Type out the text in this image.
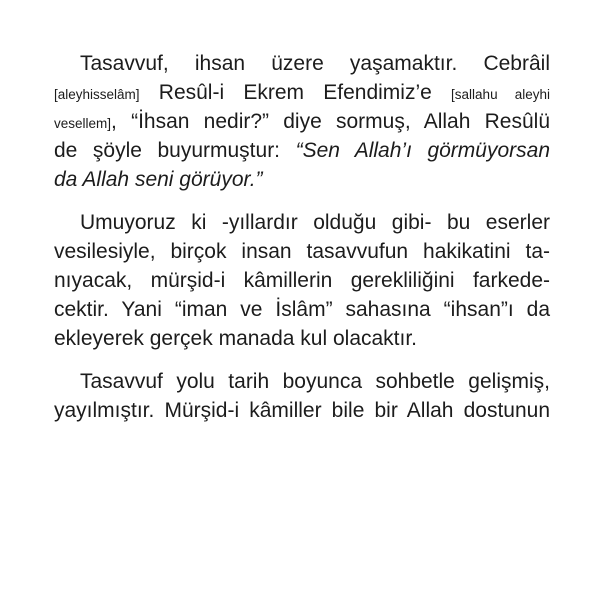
Tasavvuf, ihsan üzere yaşamaktır. Cebrâil
[aleyhisselâm] Resûl-i Ekrem Efendimiz’e [sallahu aleyhi
vesellem], “İhsan nedir?” diye sormuş, Allah Resûlü
de şöyle buyurmuştur: “Sen Allah’ı görmüyorsan
da Allah seni görüyor.”
Umuyoruz ki -yıllardır olduğu gibi- bu eserler
vesilesiyle, birçok insan tasavvufun hakikatini ta-
nıyacak, mürşid-i kâmillerin gerekliliğini farkede-
cektir. Yani “iman ve İslâm” sahasına “ihsan”ı da
ekleyerek gerçek manada kul olacaktır.
Tasavvuf yolu tarih boyunca sohbetle gelişmiş,
yayılmıştır. Mürşid-i kâmiller bile bir Allah dostunun
